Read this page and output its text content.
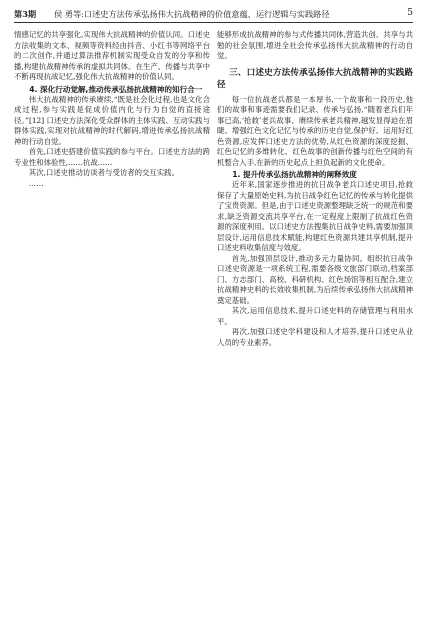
第3期 侯 勇等:口述史方法传承弘扬伟大抗战精神的价值意蕴、运行逻辑与实践路径	5

情感记忆的共享强化,实现伟大抗战精神的价值认同。口述史方法收集的文本、视频等资料经由抖音、小红书等网络平台的二次创作,并通过算法推荐机制实现受众自发的分享和传播,构建抗战精神传承的虚拟共同体。在生产、传播与共享中不断再现抗战记忆,强化伟大抗战精神的价值认同。

4. 深化行动觉解,推动传承弘扬抗战精神的知行合一

伟大抗战精神的传承赓续,“既是社会化过程,也是文化合成过程,参与实践是促成价值内化与行为自觉的直接途径。”[12] 口述史方法深化受众群体的主体实践、互动实践与群体实践,实现对抗战精神的时代解码,增进传承弘扬抗战精神的行动自觉。

首先,口述史搭建价值实践的参与平台。口述史方法的跨专业性和体验性,……抗战……

其次,口述史推动访谈者与受访者的交互实践。

……

能够形成抗战精神的参与式传播共同体,营造共创、共享与共勉的社会氛围,增进全社会传承弘扬伟大抗战精神的行动自觉。

三、口述史方法传承弘扬伟大抗战精神的实践路径

每一位抗战老兵都是一本厚书,一个故事和一段历史,他们的故事和事迹需要我们记录、传承与弘扬,“随着老兵们年事已高,‘抢救’老兵故事、赓续传承老兵精神,越发显得迫在眉睫。增强红色文化记忆与传承的历史自觉,保护好、运用好红色资源,应发挥口述史方法的优势,从红色资源的深度挖掘、红色记忆的多维转化、红色故事的创新传播与红色空间的有机整合入手,在新的历史起点上担负起新的文化使命。

1. 提升传承弘扬抗战精神的阐释效度

近年来,国家逐步推进的抗日战争老兵口述史项目,抢救保存了大量原始史料,为抗日战争红色记忆的传承与转化提供了宝贵资源。但是,由于口述史资源整理缺乏统一的规范和要求,缺乏资源交流共享平台,在一定程度上限制了抗战红色资源的深度利用。以口述史方法搜集抗日战争史料,需要加强顶层设计,运用信息技术赋能,构建红色资源共建共享机制,提升口述史料收集信度与效度。

首先,加强顶层设计,推动多元力量协同。组织抗日战争口述史资源是一项系统工程,需要各级文旅部门联动,档案部门、方志部门、高校、科研机构、红色场馆等相互配合,建立抗战精神史料的长效收集机制,为后续传承弘扬伟大抗战精神奠定基础。

其次,运用信息技术,提升口述史料的存储管理与利用水平。

再次,加强口述史学科建设和人才培养,提升口述史从业人员的专业素养。
